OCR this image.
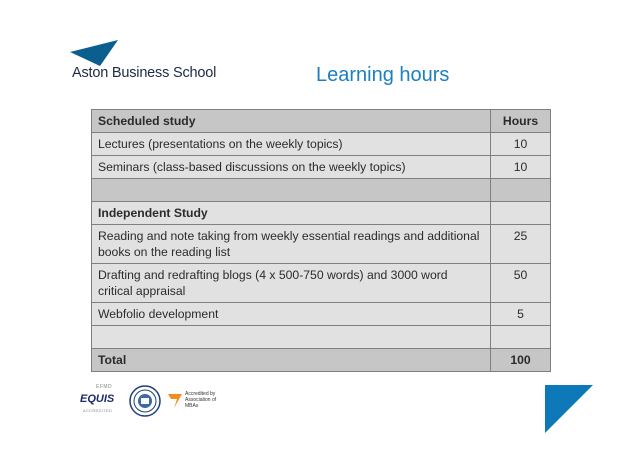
Aston Business School	Learning hours
Scheduled study	Hours
Lectures (presentations on the weekly topics)	10
Seminars (class-based discussions on the weekly topics)	10

Independent Study	
Reading and note taking from weekly essential readings and additional books on the reading list	25
Drafting and redrafting blogs (4 x 500-750 words) and 3000 word critical appraisal	50
Webfolio development	5

Total	100
EFMD
EQUIS
ACCREDITED
Accredited by Association of MBAs
